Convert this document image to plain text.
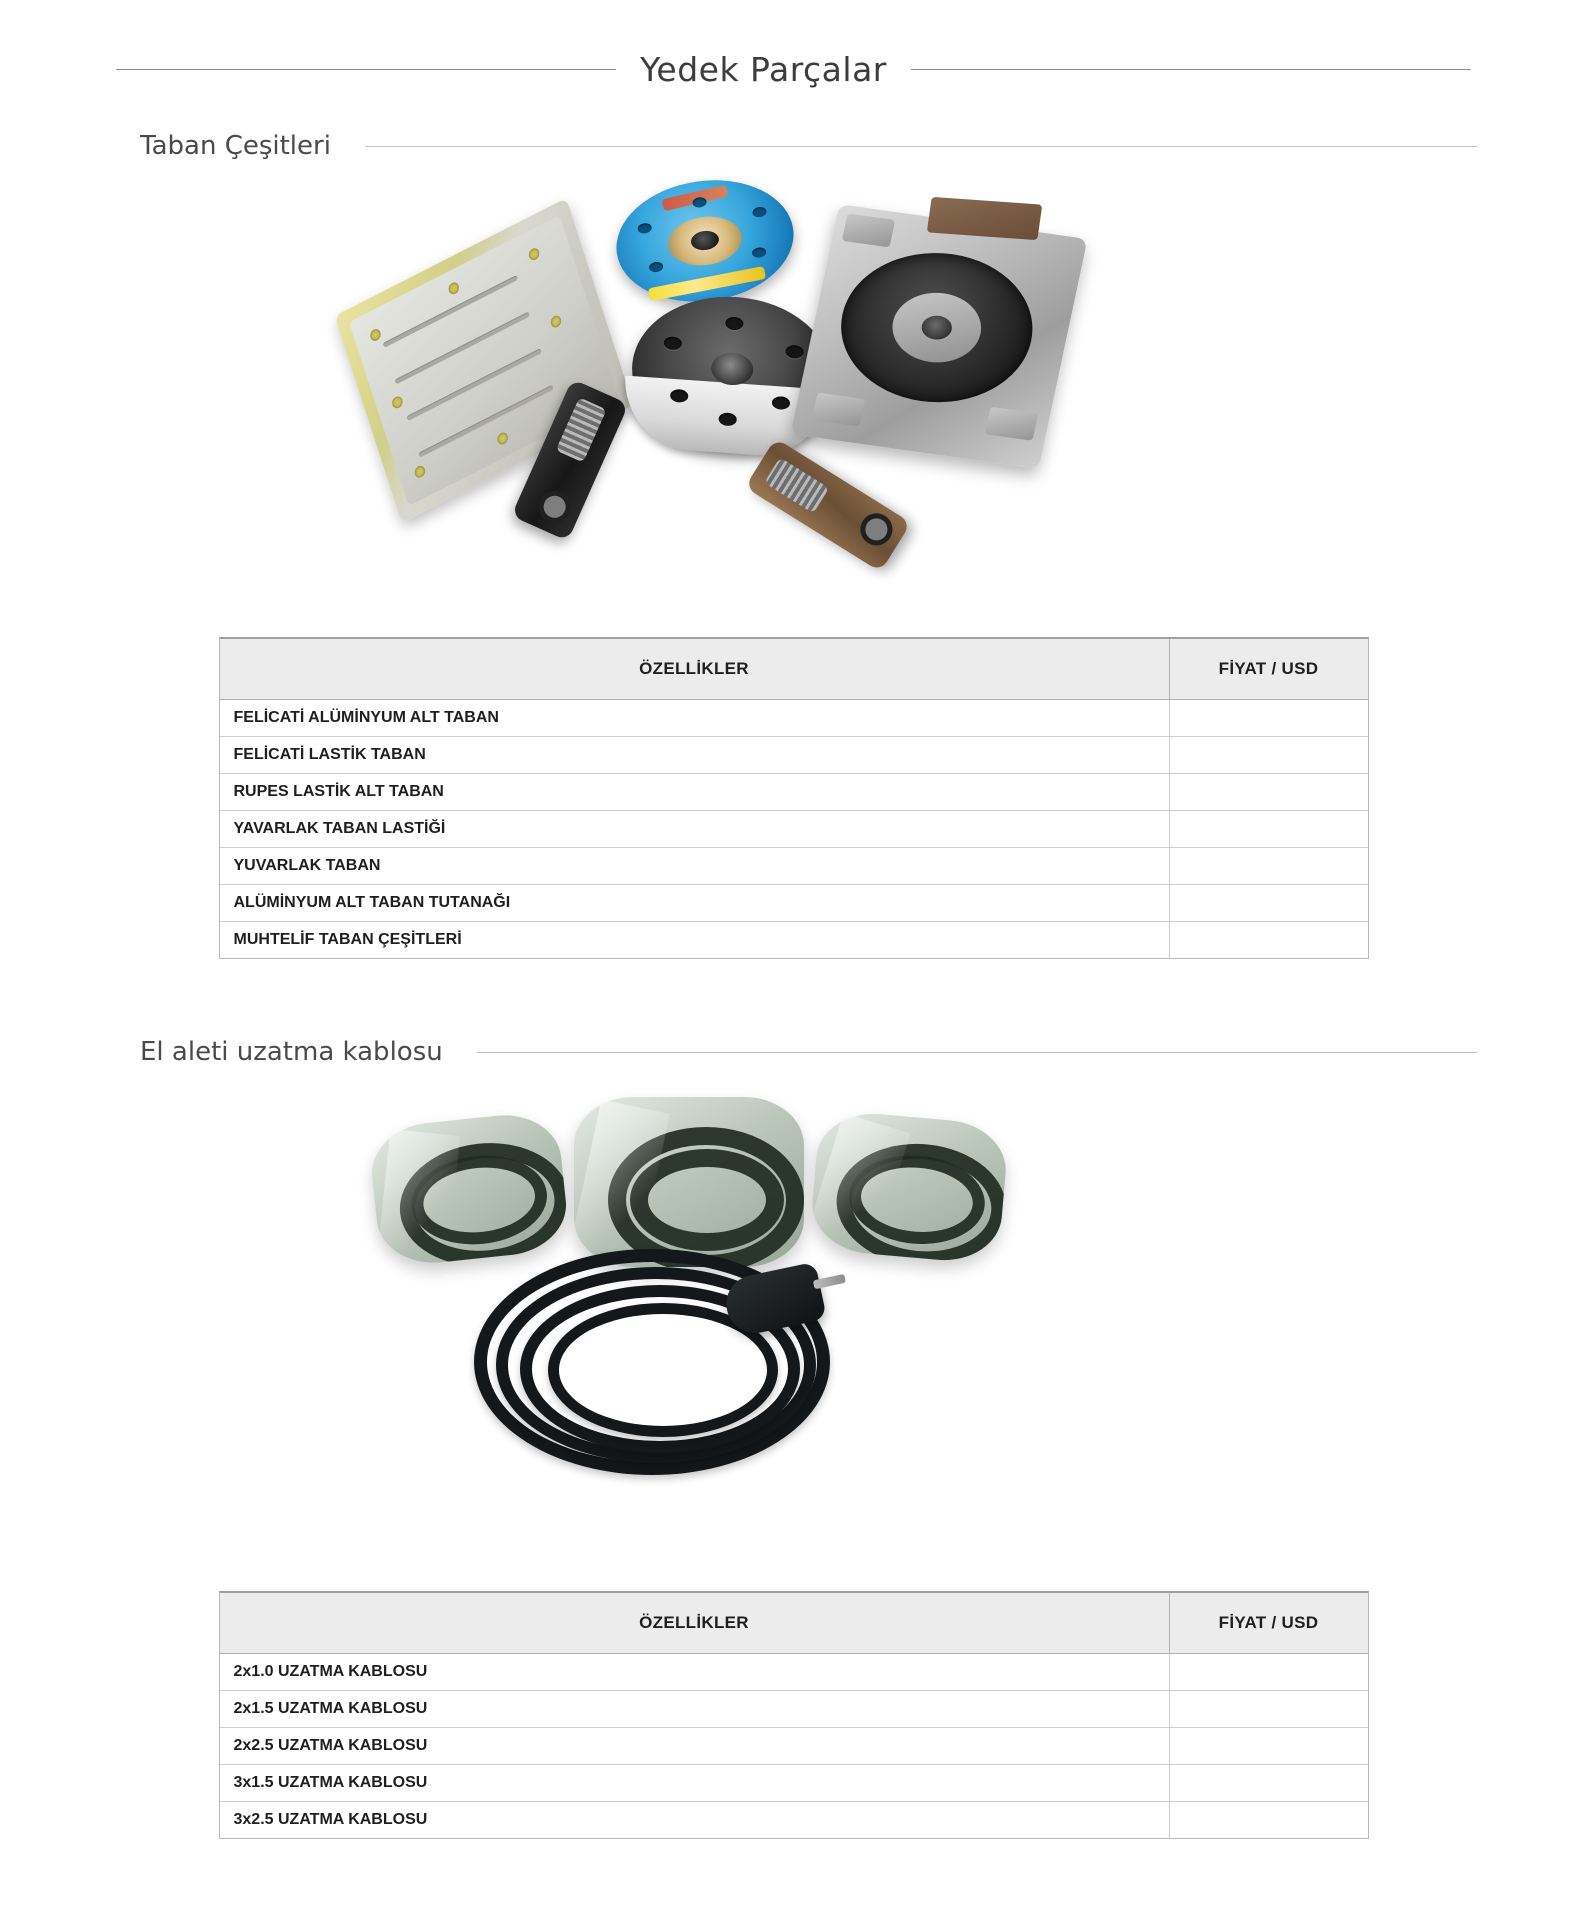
Yedek Parçalar
Taban Çeşitleri
ÖZELLİKLER	FİYAT / USD
FELİCATİ ALÜMİNYUM ALT TABAN	
FELİCATİ LASTİK TABAN	
RUPES LASTİK ALT TABAN	
YAVARLAK TABAN LASTİĞİ	
YUVARLAK TABAN	
ALÜMİNYUM ALT TABAN TUTANAĞI	
MUHTELİF TABAN ÇEŞİTLERİ	
El aleti uzatma kablosu
ÖZELLİKLER	FİYAT / USD
2x1.0 UZATMA KABLOSU	
2x1.5 UZATMA KABLOSU	
2x2.5 UZATMA KABLOSU	
3x1.5 UZATMA KABLOSU	
3x2.5 UZATMA KABLOSU	
